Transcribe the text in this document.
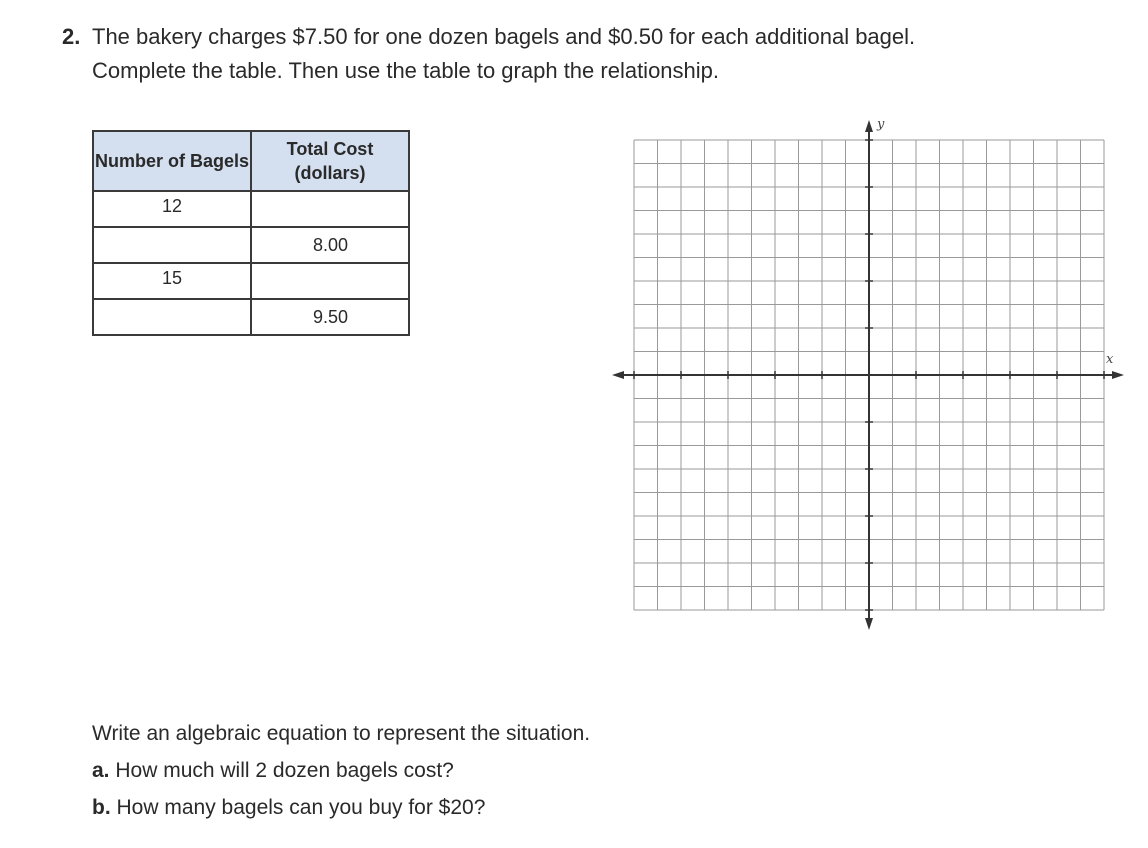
2. The bakery charges $7.50 for one dozen bagels and $0.50 for each additional bagel.
Complete the table. Then use the table to graph the relationship.
Number of Bagels	Total Cost (dollars)
12	
	8.00
15	
	9.50
y
x
Write an algebraic equation to represent the situation.
a. How much will 2 dozen bagels cost?
b. How many bagels can you buy for $20?
